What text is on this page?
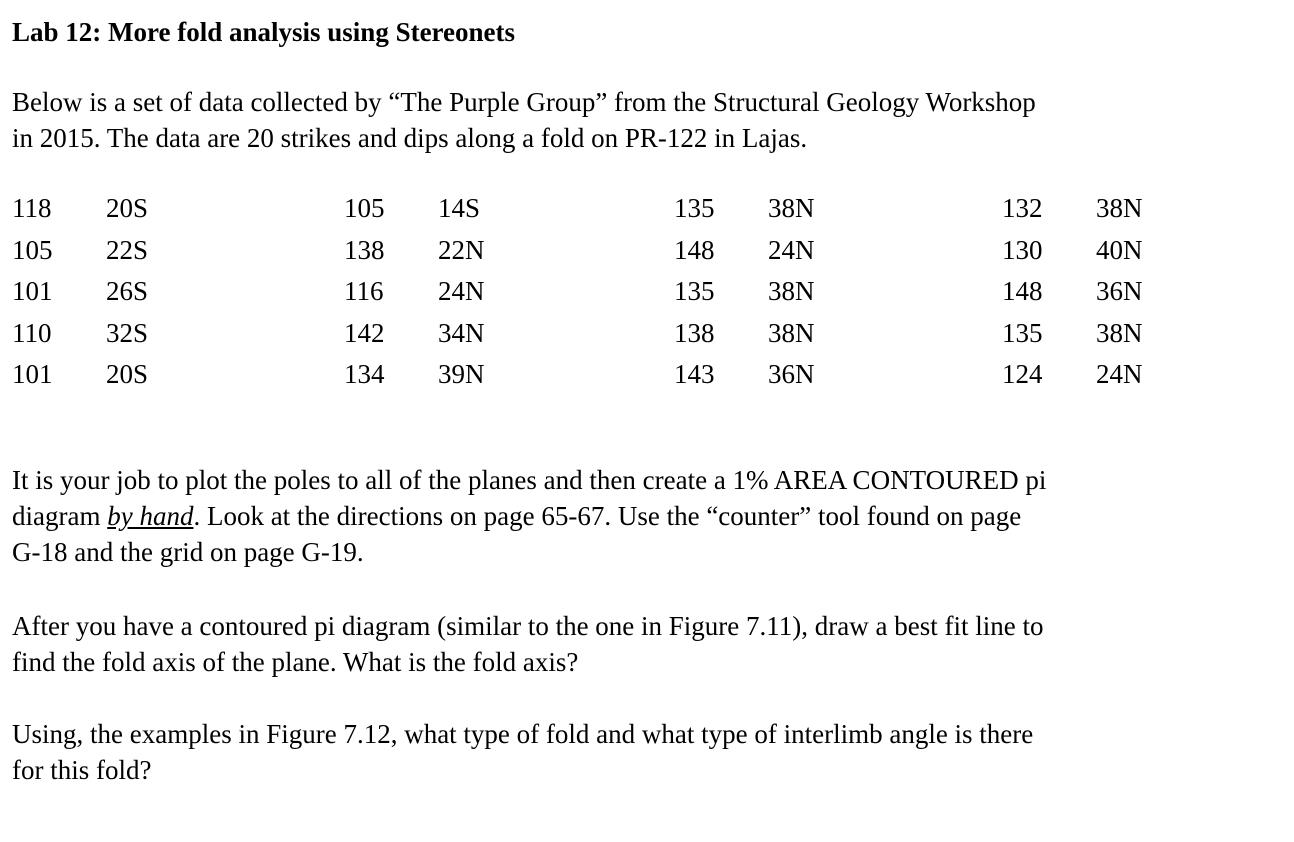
Lab 12: More fold analysis using Stereonets

Below is a set of data collected by “The Purple Group” from the Structural Geology Workshop
in 2015. The data are 20 strikes and dips along a fold on PR-122 in Lajas.

118 20S
105 22S
101 26S
110 32S
101 20S
105 14S
138 22N
116 24N
142 34N
134 39N
135 38N
148 24N
135 38N
138 38N
143 36N
132 38N
130 40N
148 36N
135 38N
124 24N

It is your job to plot the poles to all of the planes and then create a 1% AREA CONTOURED pi
diagram by hand. Look at the directions on page 65-67. Use the “counter” tool found on page
G-18 and the grid on page G-19.

After you have a contoured pi diagram (similar to the one in Figure 7.11), draw a best fit line to
find the fold axis of the plane. What is the fold axis?

Using, the examples in Figure 7.12, what type of fold and what type of interlimb angle is there
for this fold?
